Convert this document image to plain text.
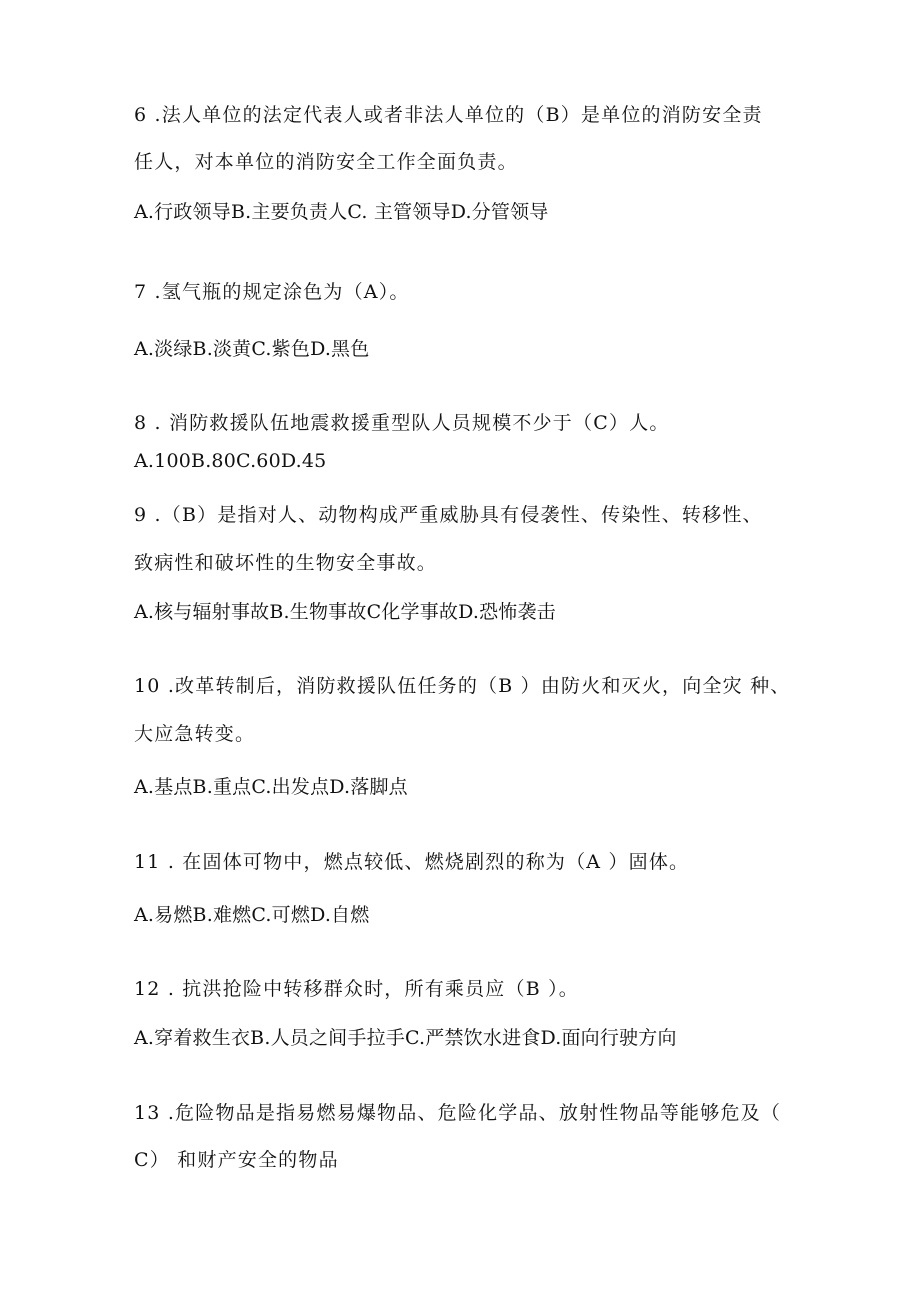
6 .法人单位的法定代表人或者非法人单位的（B）是单位的消防安全责
任人，对本单位的消防安全工作全面负责。
A.行政领导B.主要负责人C. 主管领导D.分管领导
7 .氢气瓶的规定涂色为（A）。
A.淡绿B.淡黄C.紫色D.黑色
8 . 消防救援队伍地震救援重型队人员规模不少于（C）人。
A.100B.80C.60D.45
9 .（B）是指对人、动物构成严重威胁具有侵袭性、传染性、转移性、
致病性和破坏性的生物安全事故。
A.核与辐射事故B.生物事故C化学事故D.恐怖袭击
10 .改革转制后，消防救援队伍任务的（B ）由防火和灭火，向全灾 种、
大应急转变。
A.基点B.重点C.出发点D.落脚点
11 . 在固体可物中，燃点较低、燃烧剧烈的称为（A ）固体。
A.易燃B.难燃C.可燃D.自燃
12 . 抗洪抢险中转移群众时，所有乘员应（B ）。
A.穿着救生衣B.人员之间手拉手C.严禁饮水进食D.面向行驶方向
13 .危险物品是指易燃易爆物品、危险化学品、放射性物品等能够危及（
C） 和财产安全的物品
